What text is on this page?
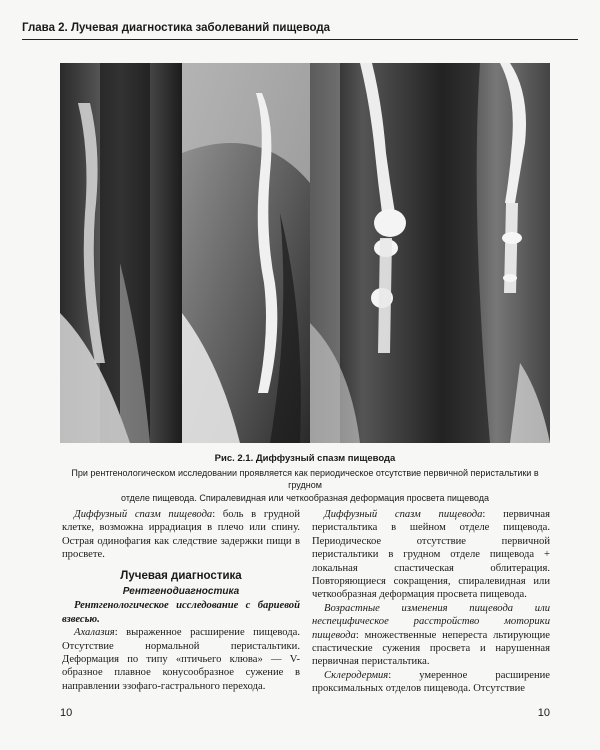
Глава 2. Лучевая диагностика заболеваний пищевода
Рис. 2.1. Диффузный спазм пищевода
При рентгенологическом исследовании проявляется как периодическое отсутствие первичной перистальтики в грудном
отделе пищевода. Спиралевидная или четкообразная деформация просвета пищевода

Диффузный спазм пищевода: боль в грудной клетке, возможна иррадиация в плечо или спину. Острая одинофагия как следствие задержки пищи в просвете.

Лучевая диагностика
Рентгенодиагностика

Рентгенологическое исследование с бариевой взвесью.

Ахалазия: выраженное расширение пищевода. Отсутствие нормальной перистальтики. Деформация по типу «птичьего клюва» — V-образное плавное конусообразное сужение в направлении эзофаго-гастрального перехода.

Диффузный спазм пищевода: первичная перистальтика в шейном отделе пищевода. Периодическое отсутствие первичной перистальтики в грудном отделе пищевода + локальная спастическая облитерация. Повторяющиеся сокращения, спиралевидная или четкообразная деформация просвета пищевода.

Возрастные изменения пищевода или неспецифическое расстройство моторики пищевода: множественные непереста льтирующие спастические сужения просвета и нарушенная первичная перистальтика.

Склеродермия: умеренное расширение проксимальных отделов пищевода. Отсутствие

10	10
